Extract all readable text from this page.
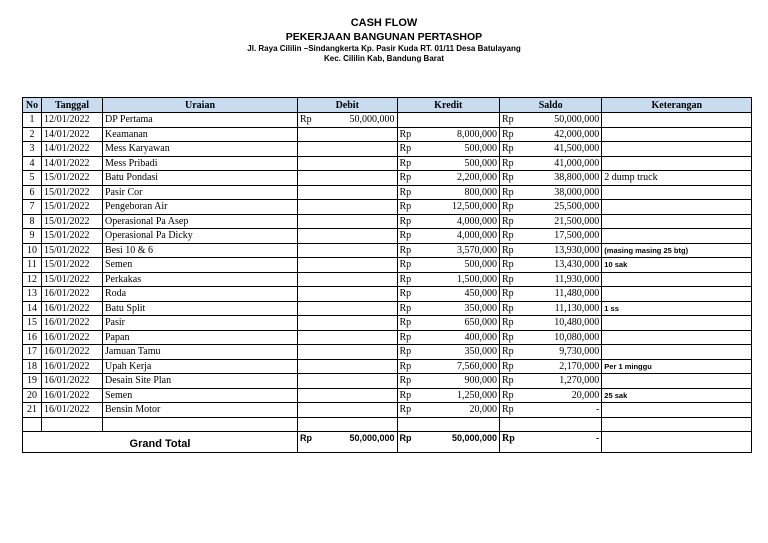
CASH FLOW
PEKERJAAN BANGUNAN PERTASHOP
Jl. Raya Cililin –Sindangkerta Kp. Pasir Kuda RT. 01/11 Desa Batulayang
Kec. Cililin Kab, Bandung Barat
No	Tanggal	Uraian	Debit		Kredit		Saldo		Keterangan
1	12/01/2022	DP Pertama	Rp	50,000,000			Rp	50,000,000	
2	14/01/2022	Keamanan			Rp	8,000,000	Rp	42,000,000	
3	14/01/2022	Mess Karyawan			Rp	500,000	Rp	41,500,000	
4	14/01/2022	Mess Pribadi			Rp	500,000	Rp	41,000,000	
5	15/01/2022	Batu Pondasi			Rp	2,200,000	Rp	38,800,000	2 dump truck
6	15/01/2022	Pasir Cor			Rp	800,000	Rp	38,000,000	
7	15/01/2022	Pengeboran Air			Rp	12,500,000	Rp	25,500,000	
8	15/01/2022	Operasional Pa Asep			Rp	4,000,000	Rp	21,500,000	
9	15/01/2022	Operasional Pa Dicky			Rp	4,000,000	Rp	17,500,000	
10	15/01/2022	Besi 10 & 6			Rp	3,570,000	Rp	13,930,000	(masing masing 25 btg)
11	15/01/2022	Semen			Rp	500,000	Rp	13,430,000	10 sak
12	15/01/2022	Perkakas			Rp	1,500,000	Rp	11,930,000	
13	16/01/2022	Roda			Rp	450,000	Rp	11,480,000	
14	16/01/2022	Batu Split			Rp	350,000	Rp	11,130,000	1 ss
15	16/01/2022	Pasir			Rp	650,000	Rp	10,480,000	
16	16/01/2022	Papan			Rp	400,000	Rp	10,080,000	
17	16/01/2022	Jamuan Tamu			Rp	350,000	Rp	9,730,000	
18	16/01/2022	Upah Kerja			Rp	7,560,000	Rp	2,170,000	Per 1 minggu
19	16/01/2022	Desain Site Plan			Rp	900,000	Rp	1,270,000	
20	16/01/2022	Semen			Rp	1,250,000	Rp	20,000	25 sak
21	16/01/2022	Bensin Motor			Rp	20,000	Rp	-	

Grand Total			Rp	50,000,000	Rp	50,000,000	Rp	-	
